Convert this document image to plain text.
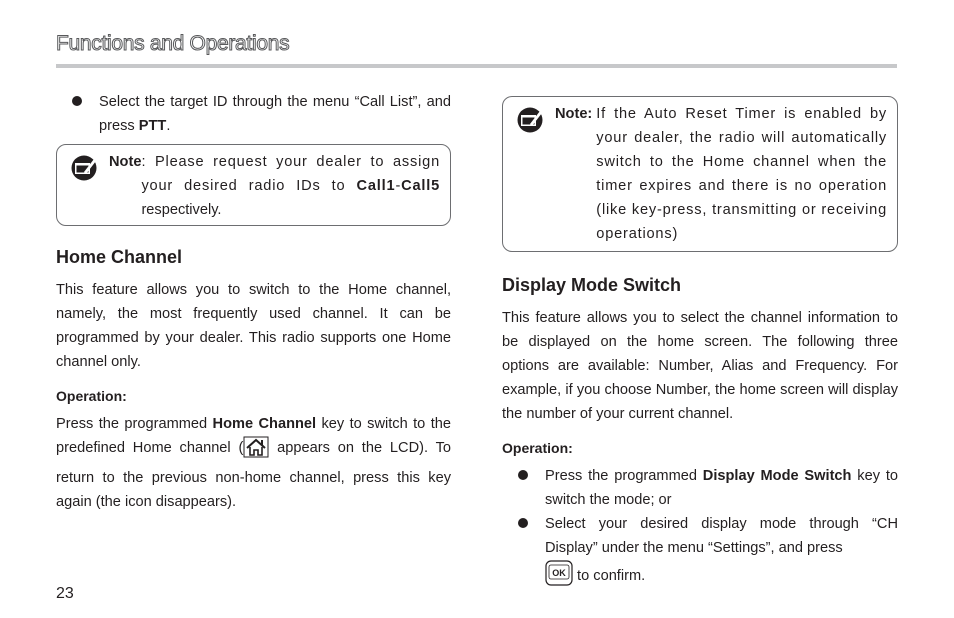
Functions and Operations
Select the target ID through the menu “Call List”, and press PTT.
Note : Please request your dealer to assign your desired radio IDs to Call1-Call5 respectively.
Home Channel
This feature allows you to switch to the Home channel, namely, the most frequently used channel. It can be programmed by your dealer. This radio supports one Home channel only.
Operation:
Press the programmed Home Channel key to switch to the predefined Home channel ( appears on the LCD). To return to the previous non-home channel, press this key again (the icon disappears).
Note: If the Auto Reset Timer is enabled by your dealer, the radio will automatically switch to the Home channel when the timer expires and there is no operation (like key-press, transmitting or receiving operations)
Display Mode Switch
This feature allows you to select the channel information to be displayed on the home screen. The following three options are available: Number, Alias and Frequency. For example, if you choose Number, the home screen will display the number of your current channel.
Operation:
Press the programmed Display Mode Switch key to switch the mode; or
Select your desired display mode through “CH Display” under the menu “Settings”, and press

OK to confirm.
23
